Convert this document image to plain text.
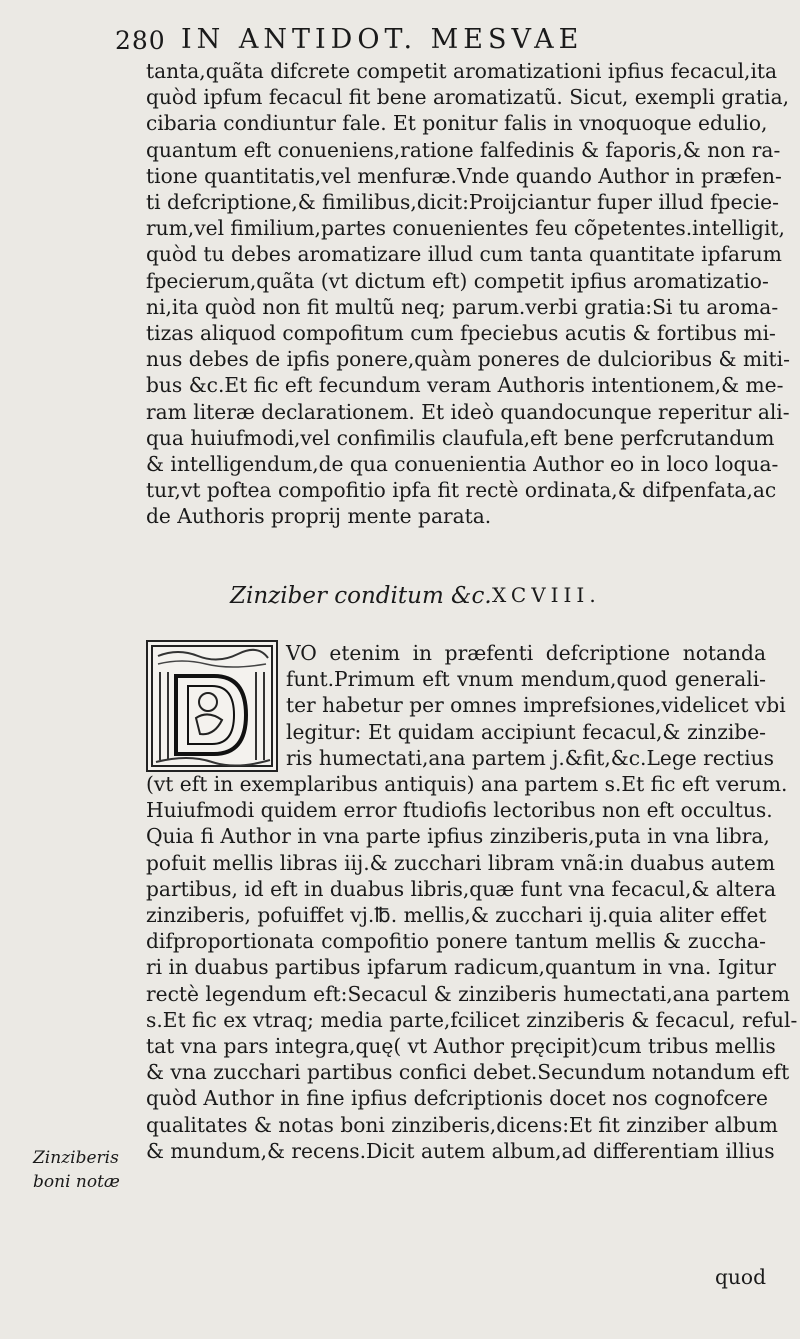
280 IN ANTIDOT. MESVAE
tanta,quãta difcrete competit aromatizationi ipfius fecacul,ita
quòd ipfum fecacul fit bene aromatizatũ. Sicut, exempli gratia,
cibaria condiuntur fale. Et ponitur falis in vnoquoque edulio,
quantum eft conueniens,ratione falfedinis & faporis,& non ra-
tione quantitatis,vel menfuræ.Vnde quando Author in præfen-
ti defcriptione,& fimilibus,dicit:Proijciantur fuper illud fpecie-
rum,vel fimilium,partes conuenientes feu cõpetentes.intelligit,
quòd tu debes aromatizare illud cum tanta quantitate ipfarum
fpecierum,quãta (vt dictum eft) competit ipfius aromatizatio-
ni,ita quòd non fit multũ neq; parum.verbi gratia:Si tu aroma-
tizas aliquod compofitum cum fpeciebus acutis & fortibus mi-
nus debes de ipfis ponere,quàm poneres de dulcioribus & miti-
bus &c.Et fic eft fecundum veram Authoris intentionem,& me-
ram literæ declarationem. Et ideò quandocunque reperitur ali-
qua huiufmodi,vel confimilis claufula,eft bene perfcrutandum
& intelligendum,de qua conuenientia Author eo in loco loqua-
tur,vt poftea compofitio ipfa fit rectè ordinata,& difpenfata,ac
de Authoris proprij mente parata.
Zinziber conditum &c. XCVIII.
VO etenim in præfenti defcriptione notanda
funt.Primum eft vnum mendum,quod generali-
ter habetur per omnes imprefsiones,videlicet vbi
legitur: Et quidam accipiunt fecacul,& zinzibe-
ris humectati,ana partem j.&fit,&c.Lege rectius
(vt eft in exemplaribus antiquis) ana partem s.Et fic eft verum.
Huiufmodi quidem error ftudiofis lectoribus non eft occultus.
Quia fi Author in vna parte ipfius zinziberis,puta in vna libra,
pofuit mellis libras iij.& zucchari libram vnã:in duabus autem
partibus, id eft in duabus libris,quæ funt vna fecacul,& altera
zinziberis, pofuiffet vj.℔. mellis,& zucchari ij.quia aliter effet
difproportionata compofitio ponere tantum mellis & zuccha-
ri in duabus partibus ipfarum radicum,quantum in vna. Igitur
rectè legendum eft:Secacul & zinziberis humectati,ana partem
s.Et fic ex vtraq; media parte,fcilicet zinziberis & fecacul, reful-
tat vna pars integra,quę( vt Author pręcipit)cum tribus mellis
& vna zucchari partibus confici debet.Secundum notandum eft
quòd Author in fine ipfius defcriptionis docet nos cognofcere
qualitates & notas boni zinziberis,dicens:Et fit zinziber album
& mundum,& recens.Dicit autem album,ad differentiam illius
quod
Zinziberis
boni notæ
